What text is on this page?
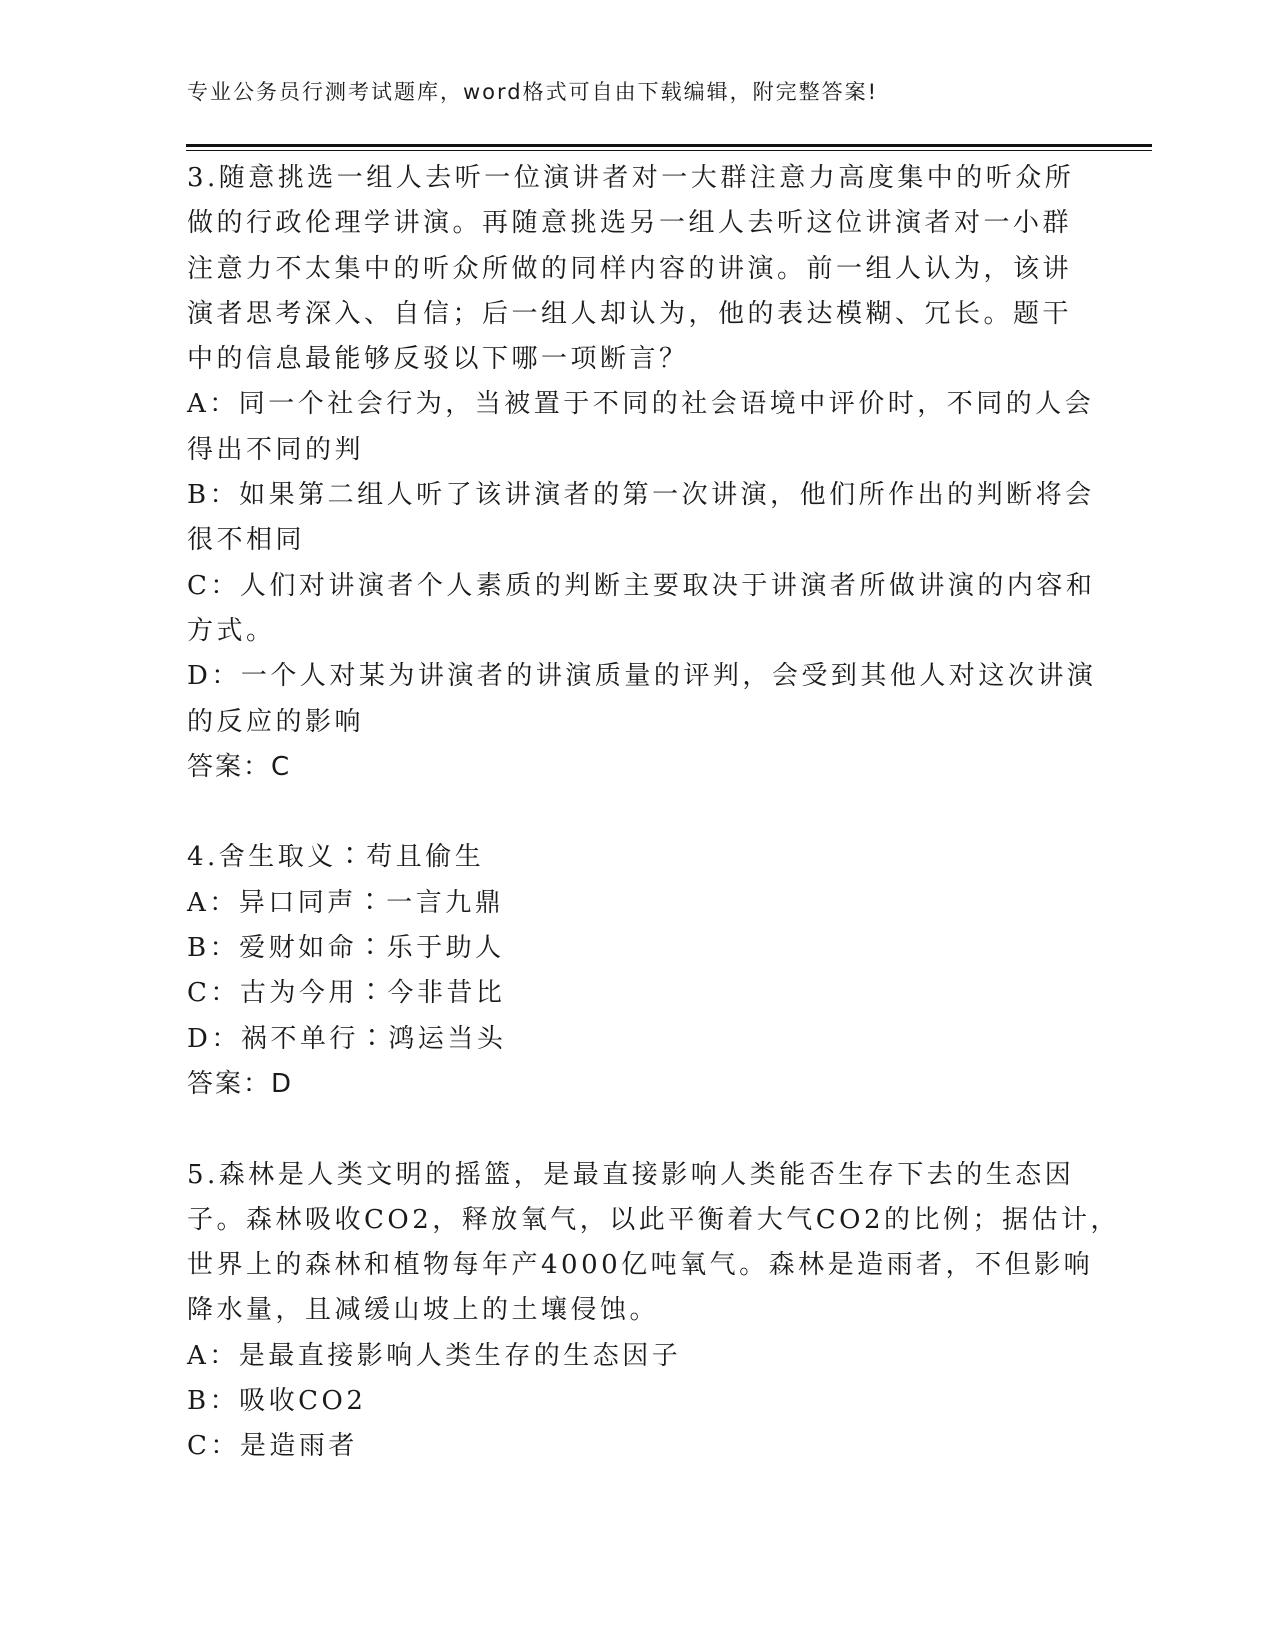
专业公务员行测考试题库，word格式可自由下载编辑，附完整答案!
3.随意挑选一组人去听一位演讲者对一大群注意力高度集中的听众所
做的行政伦理学讲演。再随意挑选另一组人去听这位讲演者对一小群
注意力不太集中的听众所做的同样内容的讲演。前一组人认为，该讲
演者思考深入、自信；后一组人却认为，他的表达模糊、冗长。题干
中的信息最能够反驳以下哪一项断言？
A：同一个社会行为，当被置于不同的社会语境中评价时，不同的人会
得出不同的判
B：如果第二组人听了该讲演者的第一次讲演，他们所作出的判断将会
很不相同
C：人们对讲演者个人素质的判断主要取决于讲演者所做讲演的内容和
方式。
D：一个人对某为讲演者的讲演质量的评判，会受到其他人对这次讲演
的反应的影响
答案：C
4.舍生取义∶苟且偷生
A：异口同声∶一言九鼎
B：爱财如命∶乐于助人
C：古为今用∶今非昔比
D：祸不单行∶鸿运当头
答案：D
5.森林是人类文明的摇篮，是最直接影响人类能否生存下去的生态因
子。森林吸收CO2，释放氧气，以此平衡着大气CO2的比例；据估计，
世界上的森林和植物每年产4000亿吨氧气。森林是造雨者，不但影响
降水量，且减缓山坡上的土壤侵蚀。
A：是最直接影响人类生存的生态因子
B：吸收CO2
C：是造雨者
